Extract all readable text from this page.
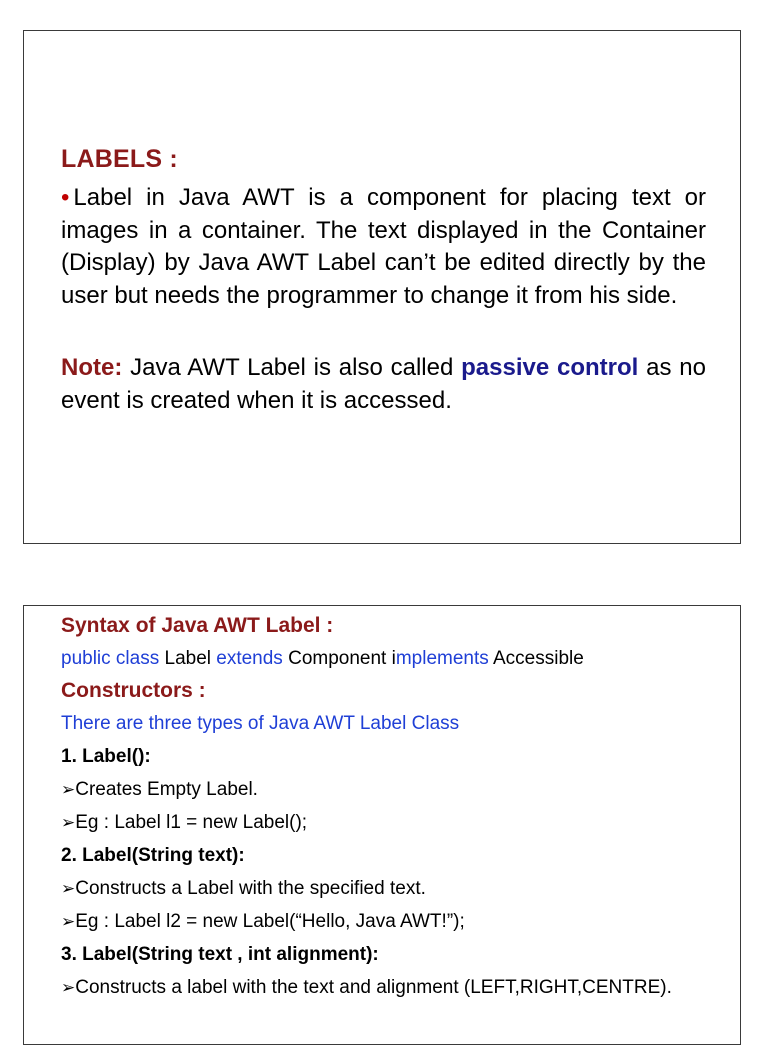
LABELS :

• Label in Java AWT is a component for placing text or images in a container. The text displayed in the Container (Display) by Java AWT Label can’t be edited directly by the user but needs the programmer to change it from his side.

Note: Java AWT Label is also called passive control as no event is created when it is accessed.

Syntax of Java AWT Label :
public class Label extends Component implements Accessible
Constructors :
There are three types of Java AWT Label Class
1. Label():
➢Creates Empty Label.
➢Eg : Label l1 = new Label();
2. Label(String text):
➢Constructs a Label with the specified text.
➢Eg : Label l2 = new Label(“Hello, Java AWT!”);
3. Label(String text , int alignment):
➢Constructs a label with the text and alignment (LEFT,RIGHT,CENTRE).
